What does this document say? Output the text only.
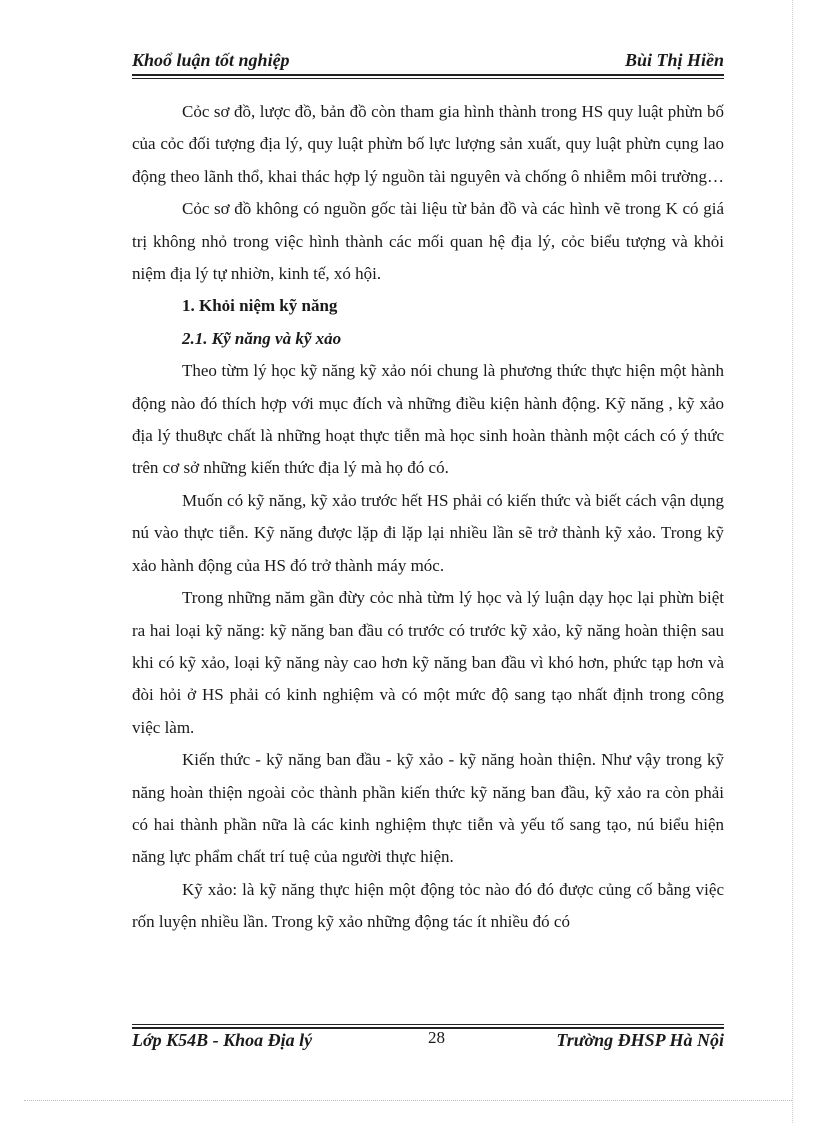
Khoổ luận tốt nghiệp	Bùi Thị Hiền

Cỏc sơ đồ, lược đồ, bản đồ còn tham gia hình thành trong HS quy luật phừn bố của cỏc đối tượng địa lý, quy luật phừn bố lực lượng sản xuất, quy luật phừn cụng lao động theo lãnh thổ, khai thác hợp lý nguồn tài nguyên và chống ô nhiễm môi trường…

Cỏc sơ đồ không có nguồn gốc tài liệu từ bản đồ và các hình vẽ trong K có giá trị không nhỏ trong việc hình thành các mối quan hệ địa lý, cỏc biểu tượng và khỏi niệm địa lý tự nhiờn, kinh tế, xó hội.

1. Khỏi niệm kỹ năng

2.1. Kỹ năng và kỹ xảo

Theo từm lý học kỹ năng kỹ xảo nói chung là phương thức thực hiện một hành động nào đó thích hợp với mục đích và những điều kiện hành động. Kỹ năng , kỹ xảo địa lý thu8ực chất là những hoạt thực tiễn mà học sinh hoàn thành một cách có ý thức trên cơ sở những kiến thức địa lý mà họ đó có.

Muốn có kỹ năng, kỹ xảo trước hết HS phải có kiến thức và biết cách vận dụng nú vào thực tiễn. Kỹ năng được lặp đi lặp lại nhiều lần sẽ trở thành kỹ xảo. Trong kỹ xảo hành động của HS đó trở thành máy móc.

Trong những năm gần đừy cỏc nhà từm lý học và lý luận dạy học lại phừn biệt ra hai loại kỹ năng: kỹ năng ban đầu có trước có trước kỹ xảo, kỹ năng hoàn thiện sau khi có kỹ xảo, loại kỹ năng này cao hơn kỹ năng ban đầu vì khó hơn, phức tạp hơn và đòi hỏi ở HS phải có kinh nghiệm và có một mức độ sang tạo nhất định trong công việc làm.

Kiến thức - kỹ năng ban đầu - kỹ xảo - kỹ năng hoàn thiện. Như vậy trong kỹ năng hoàn thiện ngoài cỏc thành phần kiến thức kỹ năng ban đầu, kỹ xảo ra còn phải có hai thành phần nữa là các kinh nghiệm thực tiễn và yếu tố sang tạo, nú biểu hiện năng lực phẩm chất trí tuệ của người thực hiện.

Kỹ xảo: là kỹ năng thực hiện một động tỏc nào đó đó được củng cố bằng việc rốn luyện nhiều lần. Trong kỹ xảo những động tác ít nhiều đó có

Lớp K54B - Khoa Địa lý	28	Trường ĐHSP Hà Nội
